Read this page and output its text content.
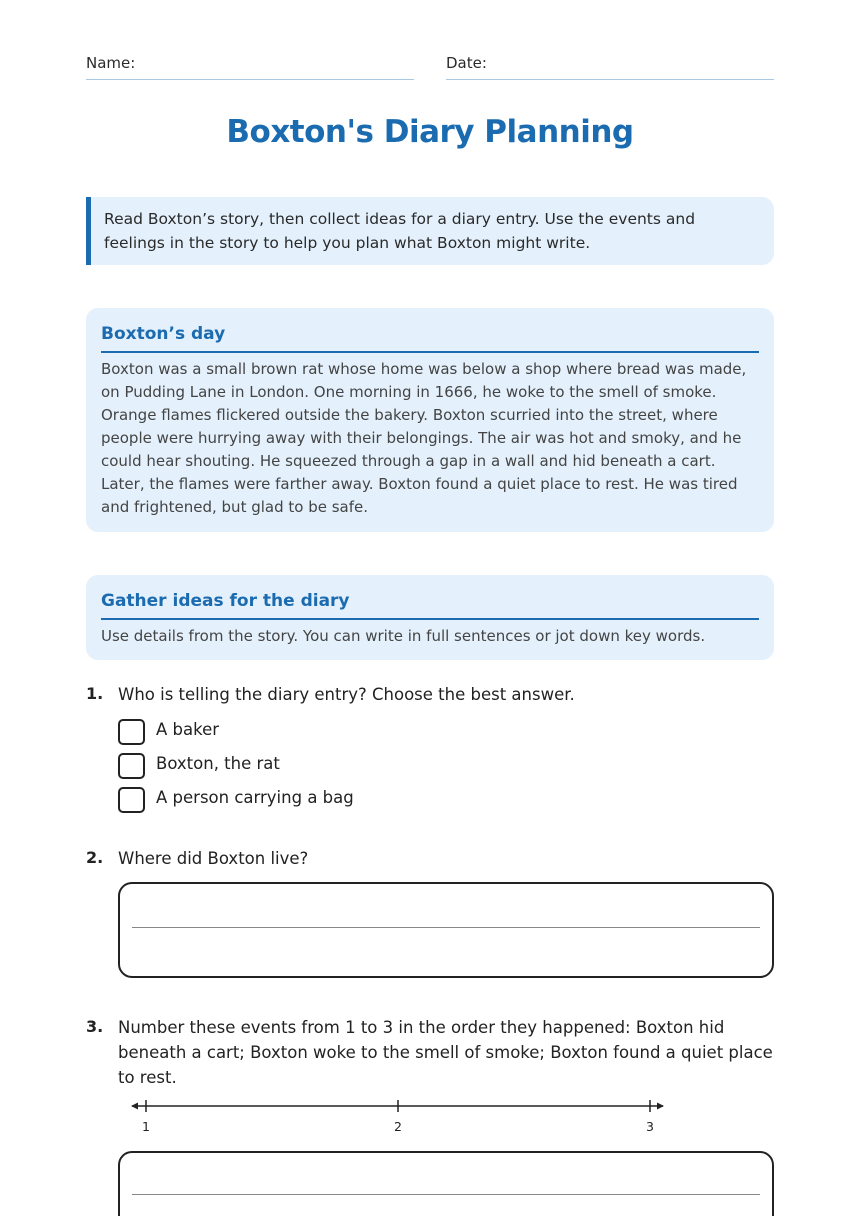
Name:	Date:
Boxton's Diary Planning
Read Boxton’s story, then collect ideas for a diary entry. Use the events and feelings in the story to help you plan what Boxton might write.
Boxton’s day
Boxton was a small brown rat whose home was below a shop where bread was made, on Pudding Lane in London. One morning in 1666, he woke to the smell of smoke. Orange flames flickered outside the bakery. Boxton scurried into the street, where people were hurrying away with their belongings. The air was hot and smoky, and he could hear shouting. He squeezed through a gap in a wall and hid beneath a cart. Later, the flames were farther away. Boxton found a quiet place to rest. He was tired and frightened, but glad to be safe.
Gather ideas for the diary
Use details from the story. You can write in full sentences or jot down key words.
1. Who is telling the diary entry? Choose the best answer.
A baker
Boxton, the rat
A person carrying a bag
2. Where did Boxton live?
3. Number these events from 1 to 3 in the order they happened: Boxton hid beneath a cart; Boxton woke to the smell of smoke; Boxton found a quiet place to rest.
1	2	3
